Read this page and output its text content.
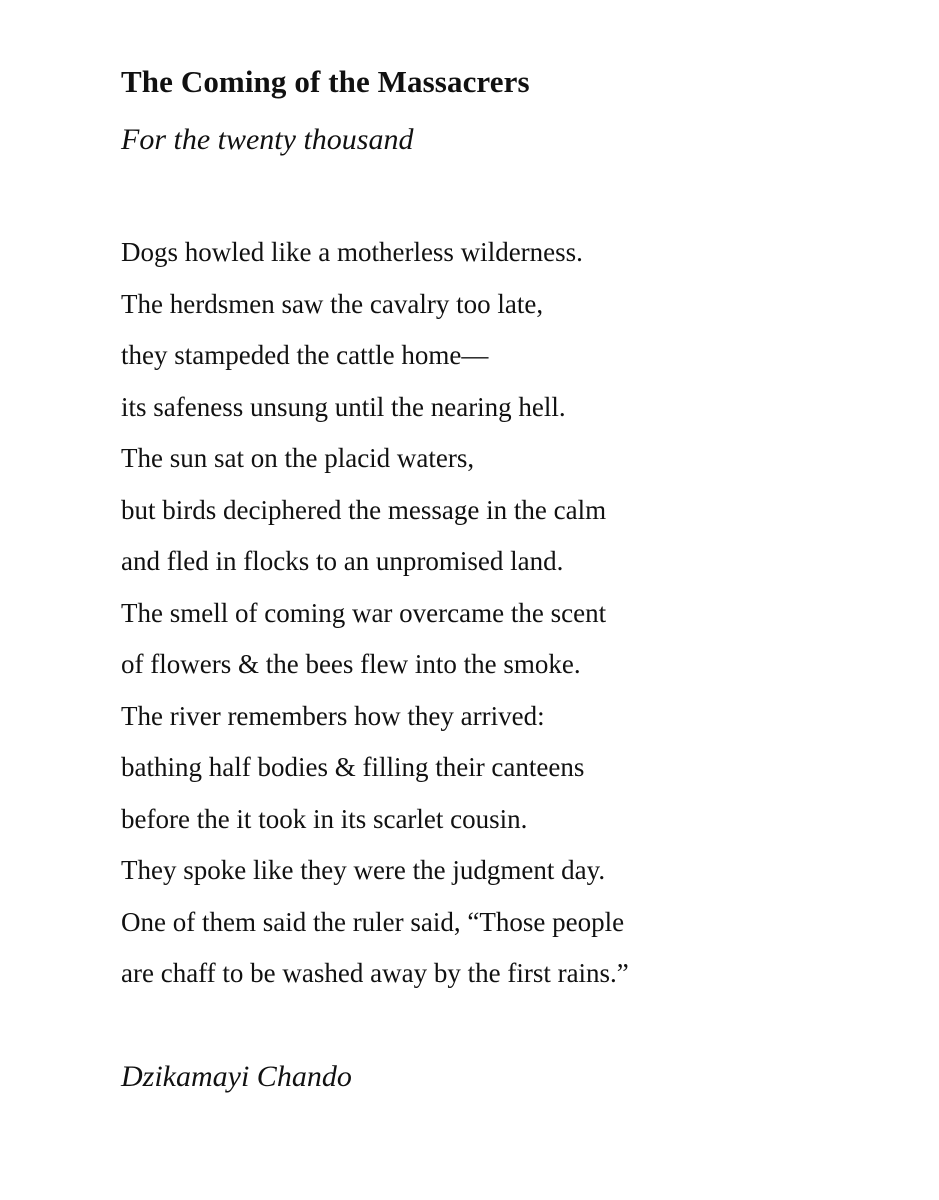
The Coming of the Massacrers

For the twenty thousand

Dogs howled like a motherless wilderness.
The herdsmen saw the cavalry too late,
they stampeded the cattle home—
its safeness unsung until the nearing hell.
The sun sat on the placid waters,
but birds deciphered the message in the calm
and fled in flocks to an unpromised land.
The smell of coming war overcame the scent
of flowers & the bees flew into the smoke.
The river remembers how they arrived:
bathing half bodies & filling their canteens
before the it took in its scarlet cousin.
They spoke like they were the judgment day.
One of them said the ruler said, “Those people
are chaff to be washed away by the first rains.”

Dzikamayi Chando
